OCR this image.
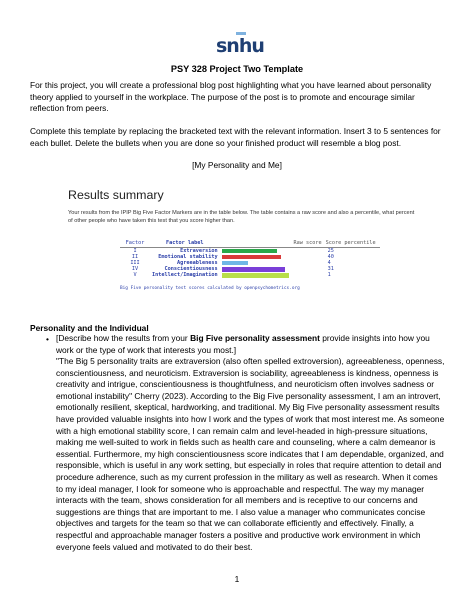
snhu
PSY 328 Project Two Template
For this project, you will create a professional blog post highlighting what you have learned about personality theory applied to yourself in the workplace. The purpose of the post is to promote and encourage similar reflection from peers.
Complete this template by replacing the bracketed text with the relevant information. Insert 3 to 5 sentences for each bullet. Delete the bullets when you are done so your finished product will resemble a blog post.
[My Personality and Me]
Results summary
Your results from the IPIP Big Five Factor Markers are in the table below. The table contains a raw score and also a percentile, what percent of other people who have taken this test that you score higher than.
Factor	Factor label	Raw score	Score percentile
I	Extraversion		25
II	Emotional stability		40
III	Agreeableness		4
IV	Conscientiousness		31
V	Intellect/Imagination		1
Big Five personality test scores calculated by openpsychometrics.org
Personality and the Individual
• [Describe how the results from your Big Five personality assessment provide insights into how you work or the type of work that interests you most.]
"The Big 5 personality traits are extraversion (also often spelled extroversion), agreeableness, openness, conscientiousness, and neuroticism. Extraversion is sociability, agreeableness is kindness, openness is creativity and intrigue, conscientiousness is thoughtfulness, and neuroticism often involves sadness or emotional instability" Cherry (2023). According to the Big Five personality assessment, I am an introvert, emotionally resilient, skeptical, hardworking, and traditional. My Big Five personality assessment results have provided valuable insights into how I work and the types of work that most interest me. As someone with a high emotional stability score, I can remain calm and level-headed in high-pressure situations, making me well-suited to work in fields such as health care and counseling, where a calm demeanor is essential. Furthermore, my high conscientiousness score indicates that I am dependable, organized, and responsible, which is useful in any work setting, but especially in roles that require attention to detail and procedure adherence, such as my current profession in the military as well as research. When it comes to my ideal manager, I look for someone who is approachable and respectful. The way my manager interacts with the team, shows consideration for all members and is receptive to our concerns and suggestions are things that are important to me. I also value a manager who communicates concise objectives and targets for the team so that we can collaborate efficiently and effectively. Finally, a respectful and approachable manager fosters a positive and productive work environment in which everyone feels valued and motivated to do their best.
1
